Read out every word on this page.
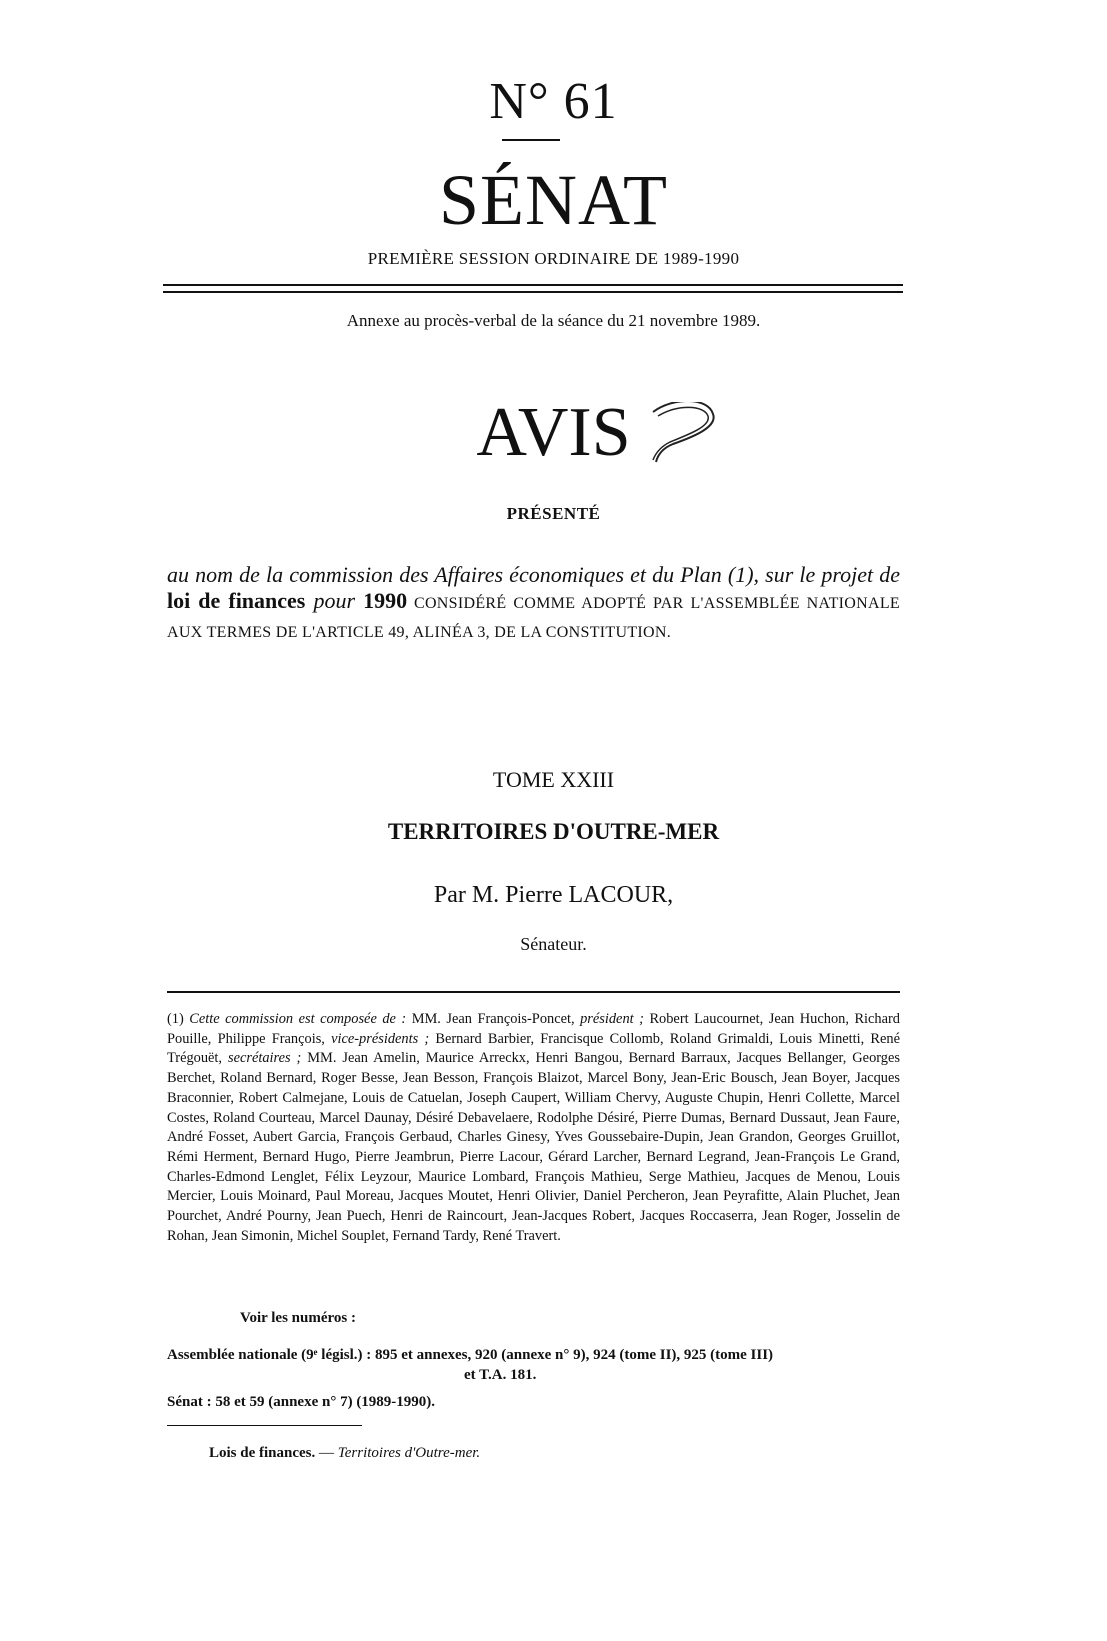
N° 61
SÉNAT
PREMIÈRE SESSION ORDINAIRE DE 1989-1990
Annexe au procès-verbal de la séance du 21 novembre 1989.
AVIS
PRÉSENTÉ
au nom de la commission des Affaires économiques et du Plan (1), sur le projet de loi de finances pour 1990 CONSIDÉRÉ COMME ADOPTÉ PAR L'ASSEMBLÉE NATIONALE AUX TERMES DE L'ARTICLE 49, ALINÉA 3, DE LA CONSTITUTION.
TOME XXIII
TERRITOIRES D'OUTRE-MER
Par M. Pierre LACOUR,
Sénateur.
(1) Cette commission est composée de : MM. Jean François-Poncet, président ; Robert Laucournet, Jean Huchon, Richard Pouille, Philippe François, vice-présidents ; Bernard Barbier, Francisque Collomb, Roland Grimaldi, Louis Minetti, René Trégouët, secrétaires ; MM. Jean Amelin, Maurice Arreckx, Henri Bangou, Bernard Barraux, Jacques Bellanger, Georges Berchet, Roland Bernard, Roger Besse, Jean Besson, François Blaizot, Marcel Bony, Jean-Eric Bousch, Jean Boyer, Jacques Braconnier, Robert Calmejane, Louis de Catuelan, Joseph Caupert, William Chervy, Auguste Chupin, Henri Collette, Marcel Costes, Roland Courteau, Marcel Daunay, Désiré Debavelaere, Rodolphe Désiré, Pierre Dumas, Bernard Dussaut, Jean Faure, André Fosset, Aubert Garcia, François Gerbaud, Charles Ginesy, Yves Goussebaire-Dupin, Jean Grandon, Georges Gruillot, Rémi Herment, Bernard Hugo, Pierre Jeambrun, Pierre Lacour, Gérard Larcher, Bernard Legrand, Jean-François Le Grand, Charles-Edmond Lenglet, Félix Leyzour, Maurice Lombard, François Mathieu, Serge Mathieu, Jacques de Menou, Louis Mercier, Louis Moinard, Paul Moreau, Jacques Moutet, Henri Olivier, Daniel Percheron, Jean Peyrafitte, Alain Pluchet, Jean Pourchet, André Pourny, Jean Puech, Henri de Raincourt, Jean-Jacques Robert, Jacques Roccaserra, Jean Roger, Josselin de Rohan, Jean Simonin, Michel Souplet, Fernand Tardy, René Travert.
Voir les numéros :
Assemblée nationale (9ᵉ législ.) : 895 et annexes, 920 (annexe n° 9), 924 (tome II), 925 (tome III)
et T.A. 181.
Sénat : 58 et 59 (annexe n° 7) (1989-1990).
Lois de finances. — Territoires d'Outre-mer.
